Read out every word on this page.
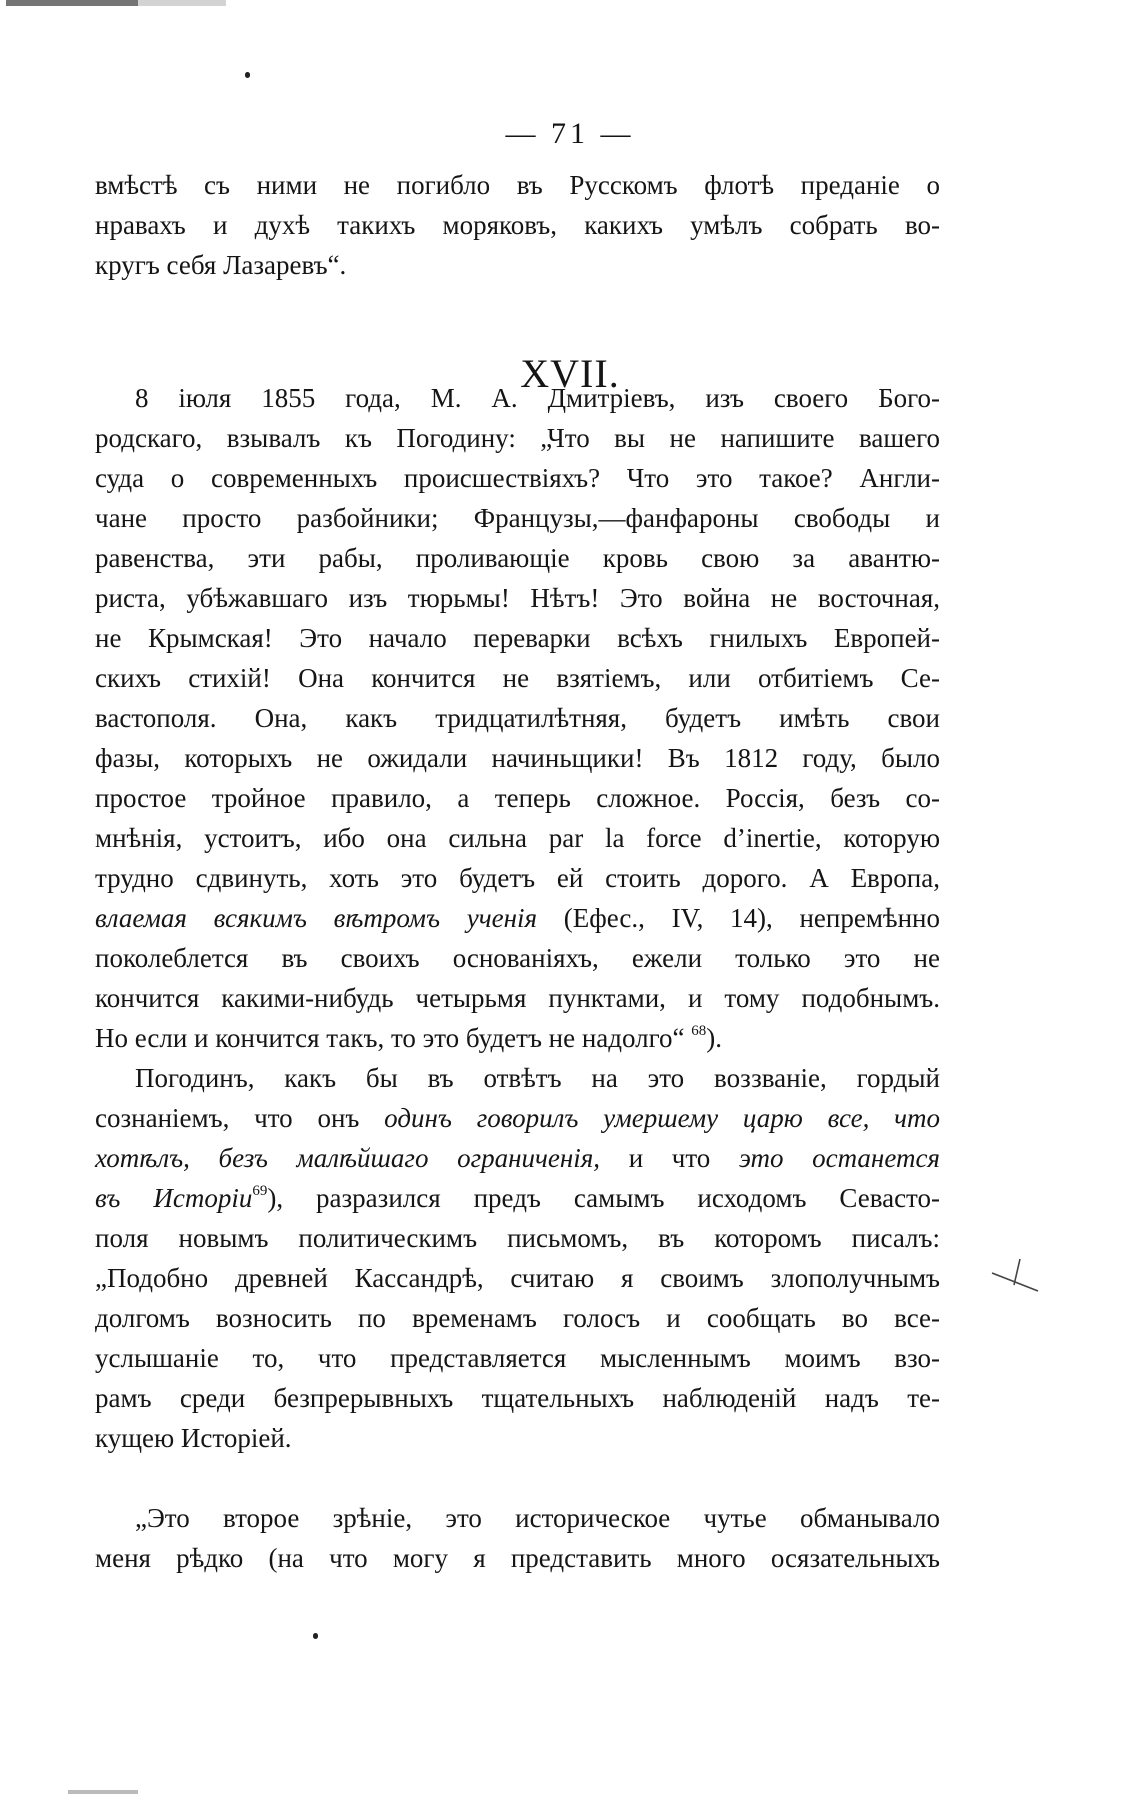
— 71 —

вмѣстѣ съ ними не погибло въ Русскомъ флотѣ преданіе о
нравахъ и духѣ такихъ моряковъ, какихъ умѣлъ собрать во-
кругъ себя Лазаревъ“.

XVII.

8 іюля 1855 года, М. А. Дмитріевъ, изъ своего Бого-
родскаго, взывалъ къ Погодину: „Что вы не напишите вашего
суда о современныхъ происшествіяхъ? Что это такое? Англи-
чане просто разбойники; Французы,—фанфароны свободы и
равенства, эти рабы, проливающіе кровь свою за авантю-
риста, убѣжавшаго изъ тюрьмы! Нѣтъ! Это война не восточная,
не Крымская! Это начало переварки всѣхъ гнилыхъ Европей-
скихъ стихій! Она кончится не взятіемъ, или отбитіемъ Се-
вастополя. Она, какъ тридцатилѣтняя, будетъ имѣть свои
фазы, которыхъ не ожидали начиньщики! Въ 1812 году, было
простое тройное правило, а теперь сложное. Россія, безъ со-
мнѣнія, устоитъ, ибо она сильна par la force d’inertie, которую
трудно сдвинуть, хоть это будетъ ей стоить дорого. А Европа,
влаемая всякимъ вѣтромъ ученія (Ефес., IV, 14), непремѣнно
поколеблется въ своихъ основаніяхъ, ежели только это не
кончится какими-нибудь четырьмя пунктами, и тому подобнымъ.
Но если и кончится такъ, то это будетъ не надолго“ $^{68}$).

Погодинъ, какъ бы въ отвѣтъ на это воззваніе, гордый
сознаніемъ, что онъ одинъ говорилъ умершему царю все, что
хотѣлъ, безъ малѣйшаго ограниченія, и что это останется
въ Исторіи$^{69}$), разразился предъ самымъ исходомъ Севасто-
поля новымъ политическимъ письмомъ, въ которомъ писалъ:
„Подобно древней Кассандрѣ, считаю я своимъ злополучнымъ
долгомъ возносить по временамъ голосъ и сообщать во все-
услышаніе то, что представляется мысленнымъ моимъ взо-
рамъ среди безпрерывныхъ тщательныхъ наблюденій надъ те-
кущею Исторіей.

„Это второе зрѣніе, это историческое чутье обманывало
меня рѣдко (на что могу я представить много осязательныхъ
